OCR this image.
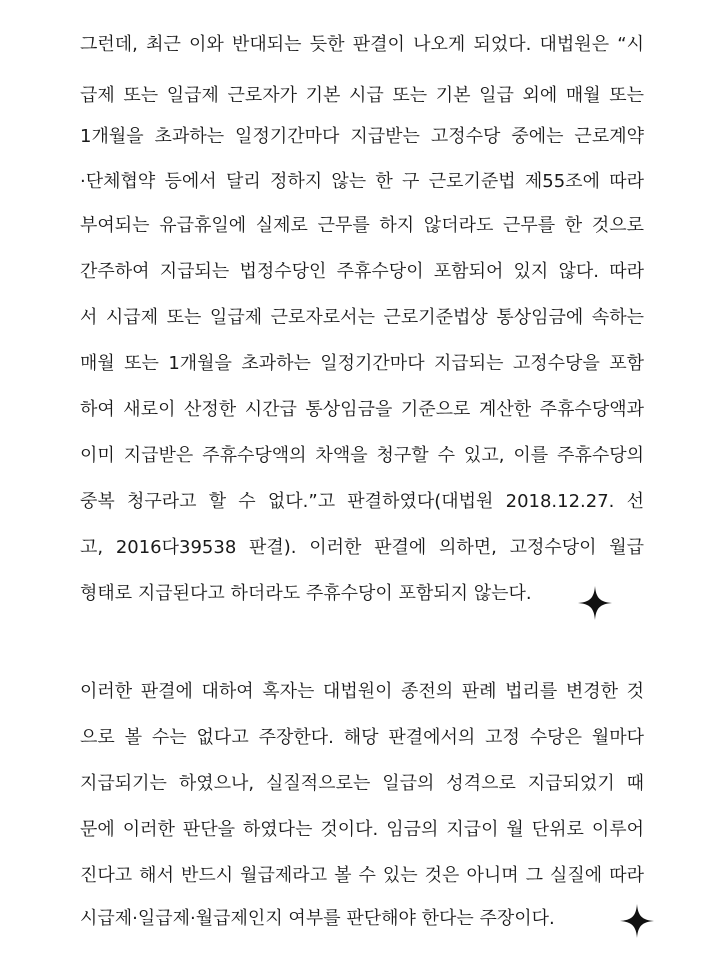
그런데, 최근 이와 반대되는 듯한 판결이 나오게 되었다. 대법원은 “시
급제 또는 일급제 근로자가 기본 시급 또는 기본 일급 외에 매월 또는
1개월을 초과하는 일정기간마다 지급받는 고정수당 중에는 근로계약
·단체협약 등에서 달리 정하지 않는 한 구 근로기준법 제55조에 따라
부여되는 유급휴일에 실제로 근무를 하지 않더라도 근무를 한 것으로
간주하여 지급되는 법정수당인 주휴수당이 포함되어 있지 않다. 따라
서 시급제 또는 일급제 근로자로서는 근로기준법상 통상임금에 속하는
매월 또는 1개월을 초과하는 일정기간마다 지급되는 고정수당을 포함
하여 새로이 산정한 시간급 통상임금을 기준으로 계산한 주휴수당액과
이미 지급받은 주휴수당액의 차액을 청구할 수 있고, 이를 주휴수당의
중복 청구라고 할 수 없다.”고 판결하였다(대법원 2018.12.27. 선
고, 2016다39538 판결). 이러한 판결에 의하면, 고정수당이 월급
형태로 지급된다고 하더라도 주휴수당이 포함되지 않는다.
이러한 판결에 대하여 혹자는 대법원이 종전의 판례 법리를 변경한 것
으로 볼 수는 없다고 주장한다. 해당 판결에서의 고정 수당은 월마다
지급되기는 하였으나, 실질적으로는 일급의 성격으로 지급되었기 때
문에 이러한 판단을 하였다는 것이다. 임금의 지급이 월 단위로 이루어
진다고 해서 반드시 월급제라고 볼 수 있는 것은 아니며 그 실질에 따라
시급제·일급제·월급제인지 여부를 판단해야 한다는 주장이다.
